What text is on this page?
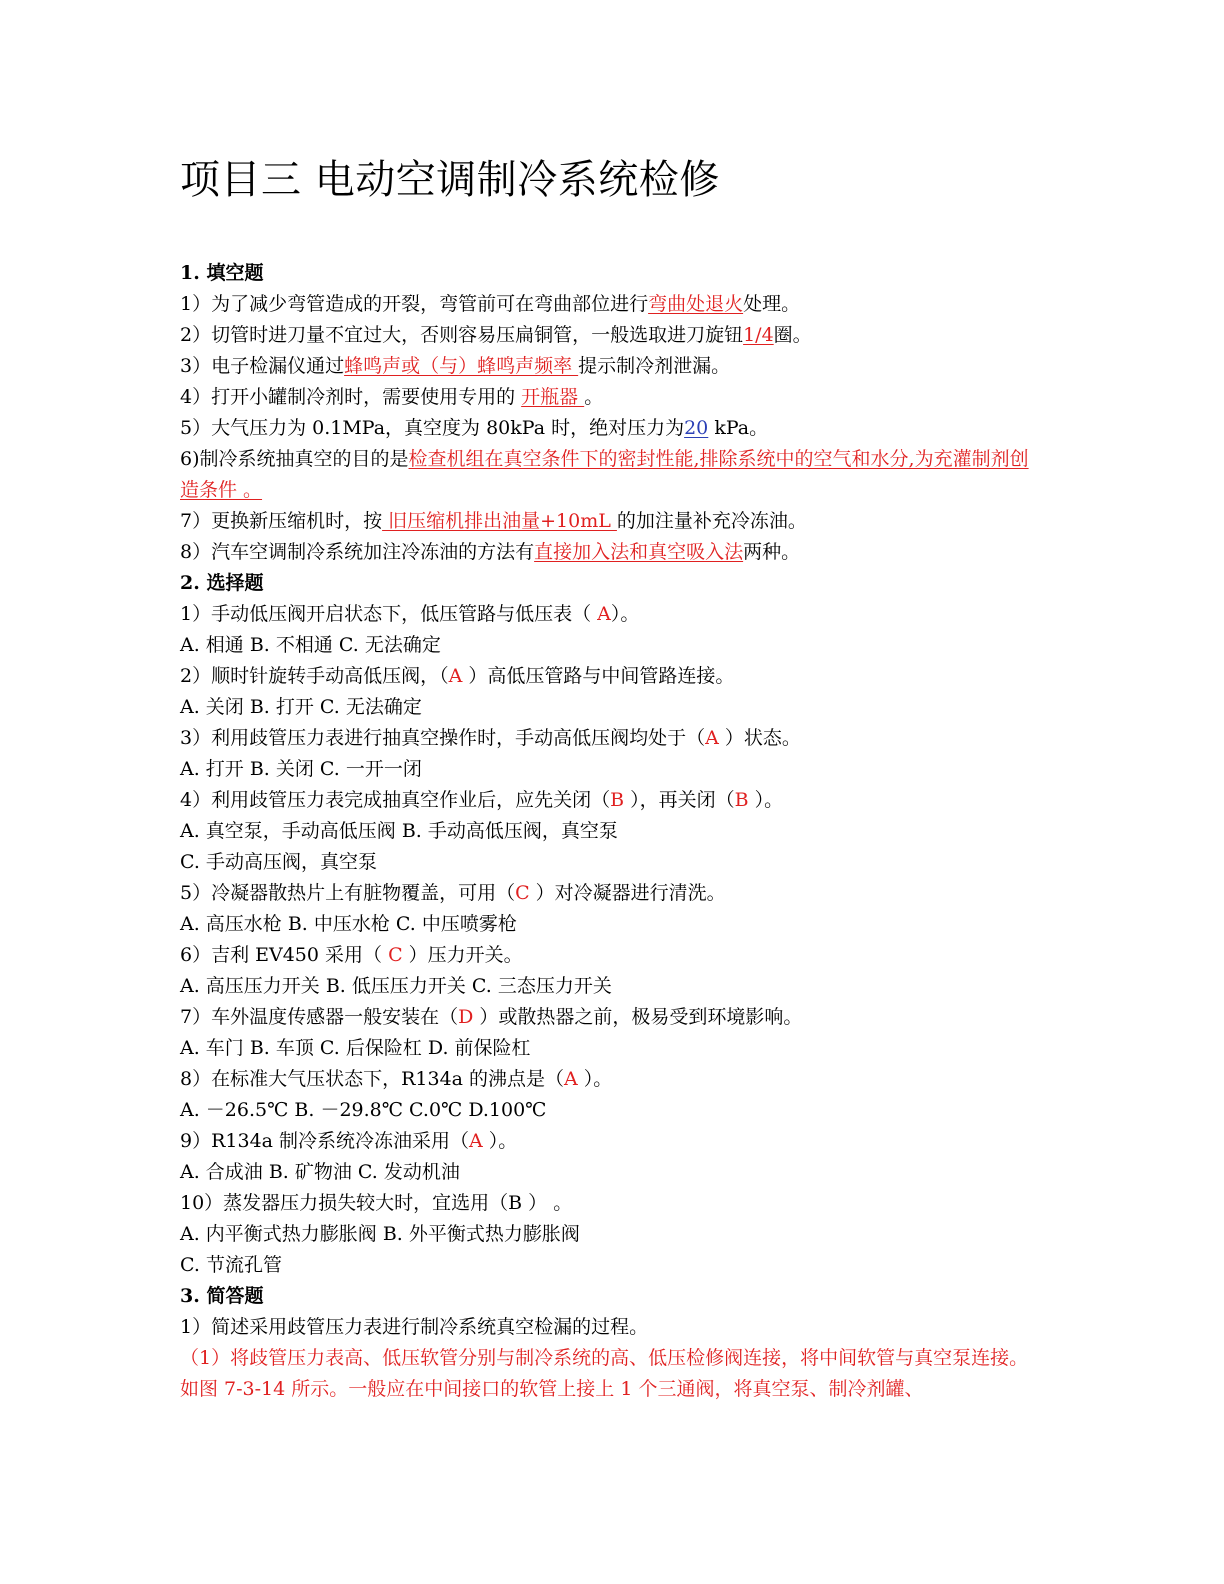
项目三 电动空调制冷系统检修

1. 填空题

1）为了减少弯管造成的开裂，弯管前可在弯曲部位进行弯曲处退火处理。

2）切管时进刀量不宜过大，否则容易压扁铜管，一般选取进刀旋钮1/4圈。

3）电子检漏仪通过蜂鸣声或（与）蜂鸣声频率 提示制冷剂泄漏。

4）打开小罐制冷剂时，需要使用专用的 开瓶器 。

5）大气压力为 0.1MPa，真空度为 80kPa 时，绝对压力为20 kPa。

6)制冷系统抽真空的目的是检查机组在真空条件下的密封性能,排除系统中的空气和水分,为充灌制剂创造条件 。

7）更换新压缩机时，按 旧压缩机排出油量+10mL 的加注量补充冷冻油。

8）汽车空调制冷系统加注冷冻油的方法有直接加入法和真空吸入法两种。

2. 选择题

1）手动低压阀开启状态下，低压管路与低压表（ A）。

A. 相通 B. 不相通 C. 无法确定

2）顺时针旋转手动高低压阀，（A ）高低压管路与中间管路连接。

A. 关闭 B. 打开 C. 无法确定

3）利用歧管压力表进行抽真空操作时，手动高低压阀均处于（A ）状态。

A. 打开 B. 关闭 C. 一开一闭

4）利用歧管压力表完成抽真空作业后，应先关闭（B ），再关闭（B ）。

A. 真空泵，手动高低压阀 B. 手动高低压阀，真空泵

C. 手动高压阀，真空泵

5）冷凝器散热片上有脏物覆盖，可用（C ）对冷凝器进行清洗。

A. 高压水枪 B. 中压水枪 C. 中压喷雾枪

6）吉利 EV450 采用（ C ）压力开关。

A. 高压压力开关 B. 低压压力开关 C. 三态压力开关

7）车外温度传感器一般安装在（D ）或散热器之前，极易受到环境影响。

A. 车门 B. 车顶 C. 后保险杠 D. 前保险杠

8）在标准大气压状态下，R134a 的沸点是（A ）。

A. －26.5℃ B. －29.8℃ C.0℃ D.100℃

9）R134a 制冷系统冷冻油采用（A ）。

A. 合成油 B. 矿物油 C. 发动机油

10）蒸发器压力损失较大时，宜选用（B ） 。

A. 内平衡式热力膨胀阀 B. 外平衡式热力膨胀阀

C. 节流孔管

3. 简答题

1）简述采用歧管压力表进行制冷系统真空检漏的过程。

（1）将歧管压力表高、低压软管分别与制冷系统的高、低压检修阀连接，将中间软管与真空泵连接。如图 7-3-14 所示。一般应在中间接口的软管上接上 1 个三通阀，将真空泵、制冷剂罐、
